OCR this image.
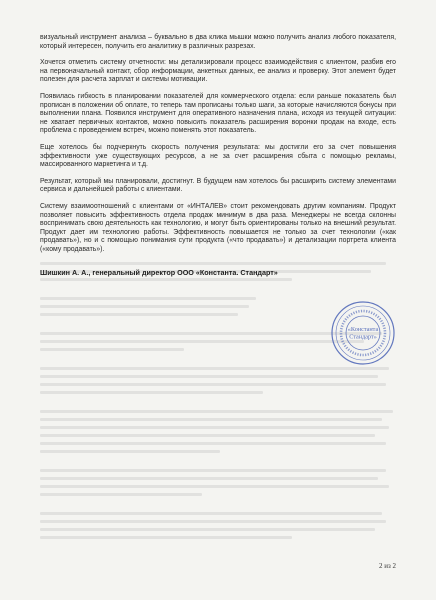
визуальный инструмент анализа – буквально в два клика мышки можно получить анализ любого показателя, который интересен, получить его аналитику в различных разрезах.

Хочется отметить систему отчетности: мы детализировали процесс взаимодействия с клиентом, разбив его на первоначальный контакт, сбор информации, анкетных данных, ее анализ и проверку. Этот элемент будет полезен для расчета зарплат и системы мотивации.

Появилась гибкость в планировании показателей для коммерческого отдела: если раньше показатель был прописан в положении об оплате, то теперь там прописаны только шаги, за которые начисляются бонусы при выполнении плана. Появился инструмент для оперативного назначения плана, исходя из текущей ситуации: не хватает первичных контактов, можно повысить показатель расширения воронки продаж на входе, есть проблема с проведением встреч, можно поменять этот показатель.

Еще хотелось бы подчеркнуть скорость получения результата: мы достигли его за счет повышения эффективности уже существующих ресурсов, а не за счет расширения сбыта с помощью рекламы, массированного маркетинга и т.д.

Результат, который мы планировали, достигнут. В будущем нам хотелось бы расширить систему элементами сервиса и дальнейшей работы с клиентами.

Систему взаимоотношений с клиентами от «ИНТАЛЕВ» стоит рекомендовать другим компаниям. Продукт позволяет повысить эффективность отдела продаж минимум в два раза. Менеджеры не всегда склонны воспринимать свою деятельность как технологию, и могут быть ориентированы только на внешний результат. Продукт дает им технологию работы. Эффективность повышается не только за счет технологии («как продавать»), но и с помощью понимания сути продукта («что продавать») и детализации портрета клиента («кому продавать»).

Шишкин А. А., генеральный директор ООО «Константа. Стандарт»
«Константа
Стандарт»
2 из 2
